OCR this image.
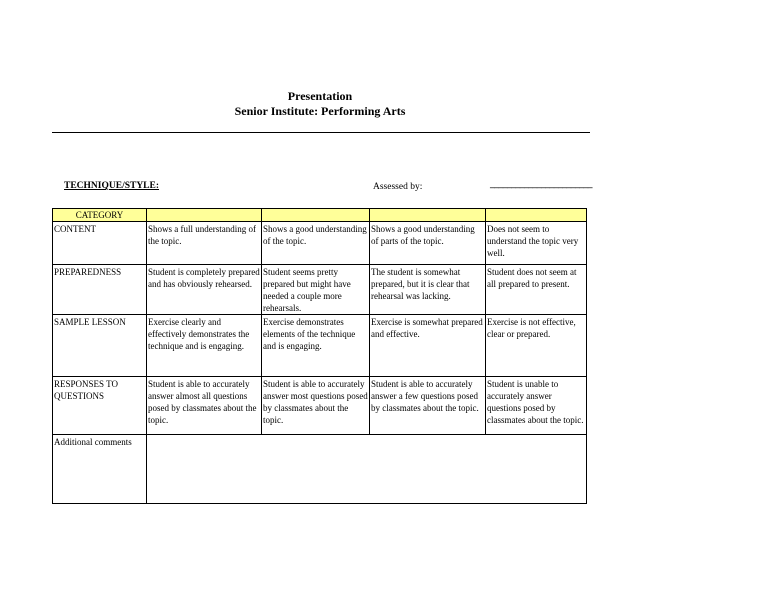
Presentation
Senior Institute: Performing Arts
TECHNIQUE/STYLE:	Assessed by:	________________________
CATEGORY				
CONTENT	Shows a full understanding of the topic.	Shows a good understanding of the topic.	Shows a good understanding of parts of the topic.	Does not seem to understand the topic very well.
PREPAREDNESS	Student is completely prepared and has obviously rehearsed.	Student seems pretty prepared but might have needed a couple more rehearsals.	The student is somewhat prepared, but it is clear that rehearsal was lacking.	Student does not seem at all prepared to present.
SAMPLE LESSON	Exercise clearly and effectively demonstrates the technique and is engaging.	Exercise demonstrates elements of the technique and is engaging.	Exercise is somewhat prepared and effective.	Exercise is not effective, clear or prepared.
RESPONSES TO QUESTIONS	Student is able to accurately answer almost all questions posed by classmates about the topic.	Student is able to accurately answer most questions posed by classmates about the topic.	Student is able to accurately answer a few questions posed by classmates about the topic.	Student is unable to accurately answer questions posed by classmates about the topic.
Additional comments				
